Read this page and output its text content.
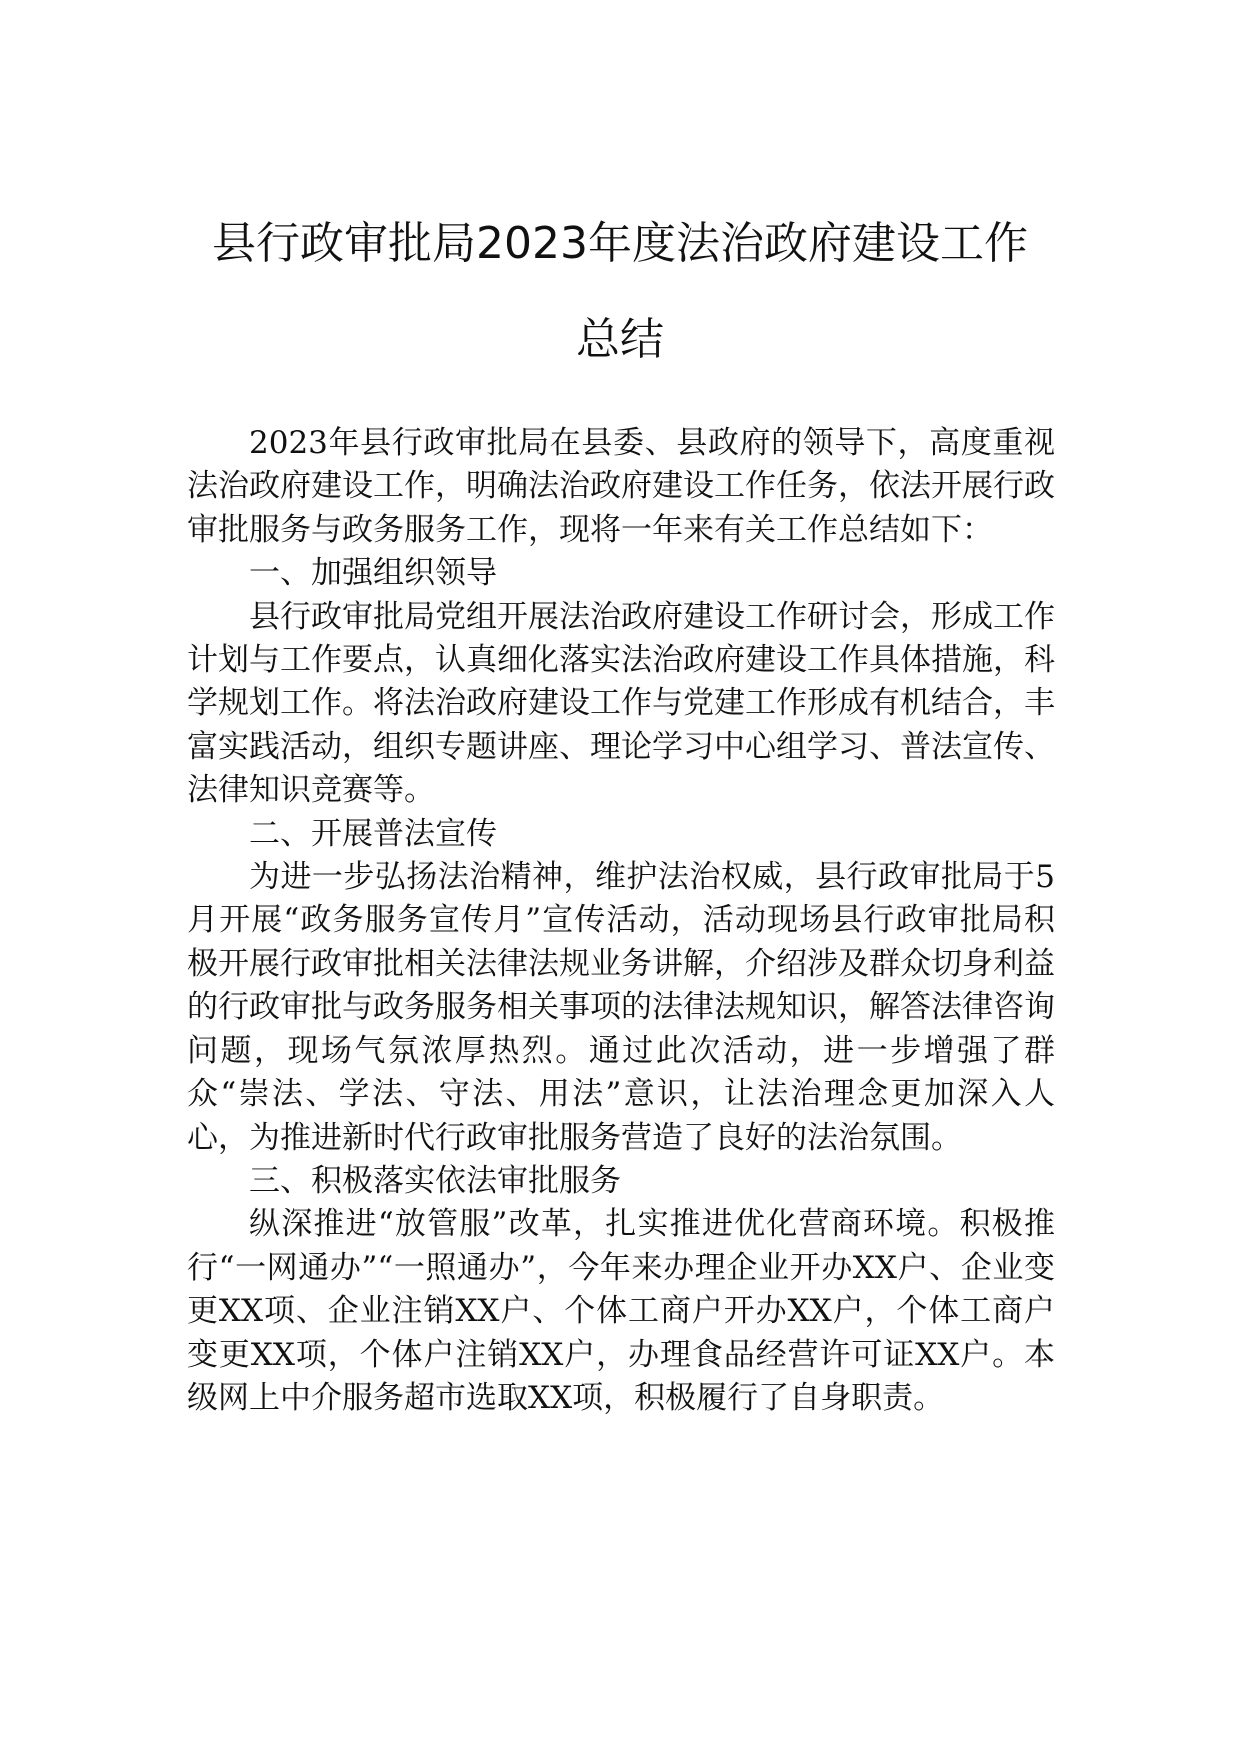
县行政审批局2023年度法治政府建设工作
总结

2023年县行政审批局在县委、县政府的领导下，高度重视法治政府建设工作，明确法治政府建设工作任务，依法开展行政审批服务与政务服务工作，现将一年来有关工作总结如下：

一、加强组织领导

县行政审批局党组开展法治政府建设工作研讨会，形成工作计划与工作要点，认真细化落实法治政府建设工作具体措施，科学规划工作。将法治政府建设工作与党建工作形成有机结合，丰富实践活动，组织专题讲座、理论学习中心组学习、普法宣传、法律知识竞赛等。

二、开展普法宣传

为进一步弘扬法治精神，维护法治权威，县行政审批局于5月开展“政务服务宣传月”宣传活动，活动现场县行政审批局积极开展行政审批相关法律法规业务讲解，介绍涉及群众切身利益的行政审批与政务服务相关事项的法律法规知识，解答法律咨询问题，现场气氛浓厚热烈。通过此次活动，进一步增强了群众“崇法、学法、守法、用法”意识，让法治理念更加深入人心，为推进新时代行政审批服务营造了良好的法治氛围。

三、积极落实依法审批服务

纵深推进“放管服”改革，扎实推进优化营商环境。积极推行“一网通办”“一照通办”，今年来办理企业开办XX户、企业变更XX项、企业注销XX户、个体工商户开办XX户，个体工商户变更XX项，个体户注销XX户，办理食品经营许可证XX户。本级网上中介服务超市选取XX项，积极履行了自身职责。
